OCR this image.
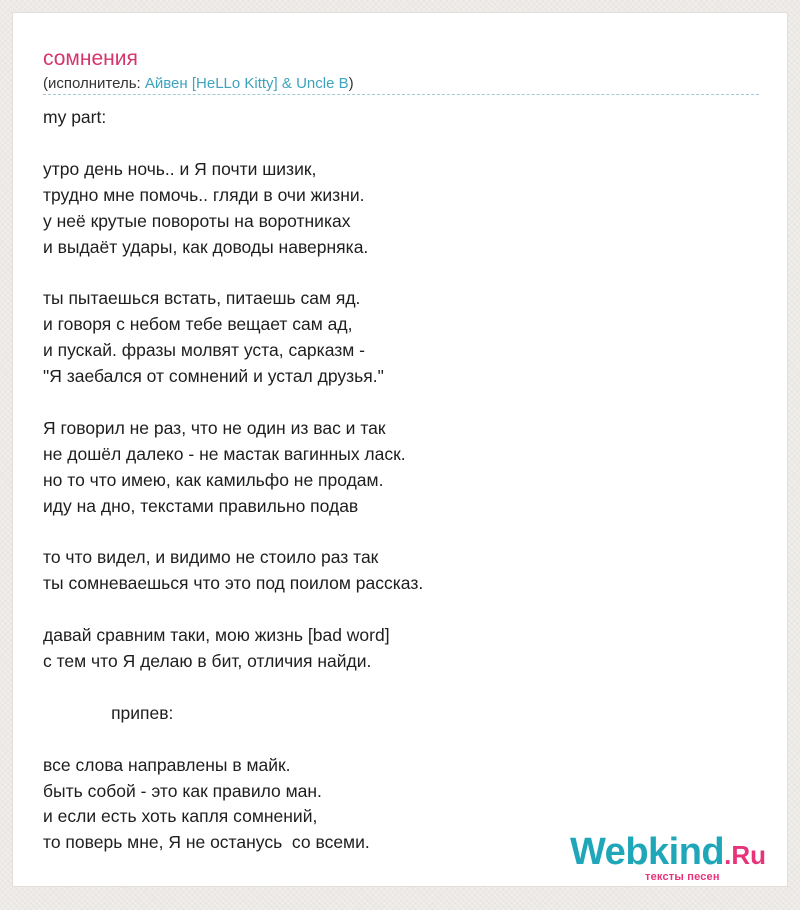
сомнения
(исполнитель: Айвен [HeLLo Kitty] & Uncle B)
my part:

утро день ночь.. и Я почти шизик,
трудно мне помочь.. гляди в очи жизни.
у неё крутые повороты на воротниках
и выдаёт удары, как доводы наверняка.

ты пытаешься встать, питаешь сам яд.
и говоря с небом тебе вещает сам ад,
и пускай. фразы молвят уста, сарказм -
"Я заебался от сомнений и устал друзья."

Я говорил не раз, что не один из вас и так
не дошёл далеко - не мастак вагинных ласк.
но то что имею, как камильфо не продам.
иду на дно, текстами правильно подав

то что видел, и видимо не стоило раз так
ты сомневаешься что это под поилом рассказ.

давай сравним таки, мою жизнь [bad word]
с тем что Я делаю в бит, отличия найди.

припев:

все слова направлены в майк.
быть собой - это как правило ман.
и если есть хоть капля сомнений,
то поверь мне, Я не останусь  со всеми.	Webkind.Ru
тексты песен
